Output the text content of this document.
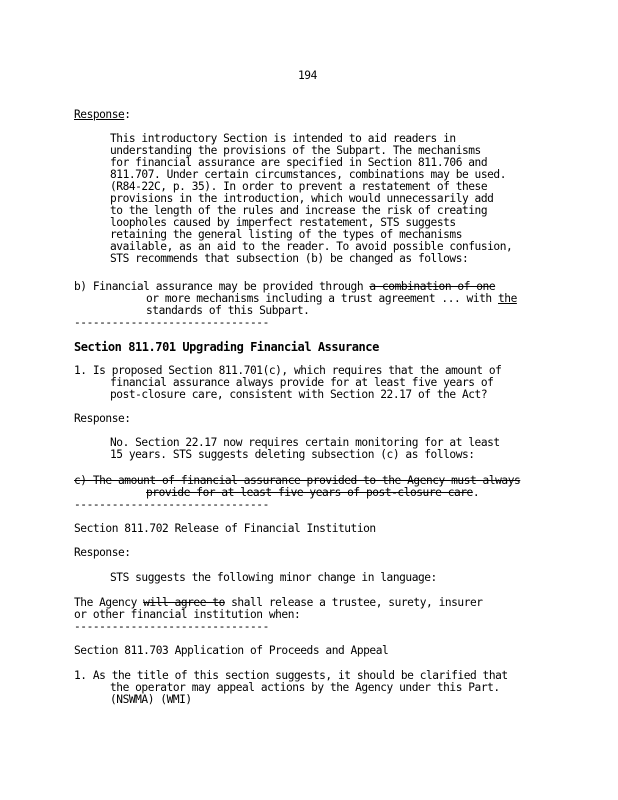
194
Response:
This introductory Section is intended to aid readers in
understanding the provisions of the Subpart. The mechanisms
for financial assurance are specified in Section 811.706 and
811.707. Under certain circumstances, combinations may be used.
(R84-22C, p. 35). In order to prevent a restatement of these
provisions in the introduction, which would unnecessarily add
to the length of the rules and increase the risk of creating
loopholes caused by imperfect restatement, STS suggests
retaining the general listing of the types of mechanisms
available, as an aid to the reader. To avoid possible confusion,
STS recommends that subsection (b) be changed as follows:
b) Financial assurance may be provided through a combination of one
or more mechanisms including a trust agreement ... with the
standards of this Subpart.
-------------------------------
Section 811.701 Upgrading Financial Assurance
1. Is proposed Section 811.701(c), which requires that the amount of
financial assurance always provide for at least five years of
post-closure care, consistent with Section 22.17 of the Act?
Response:
No. Section 22.17 now requires certain monitoring for at least
15 years. STS suggests deleting subsection (c) as follows:
c) The amount of financial assurance provided to the Agency must always
provide for at least five years of post-closure care.
-------------------------------
Section 811.702 Release of Financial Institution
Response:
STS suggests the following minor change in language:
The Agency will agree to shall release a trustee, surety, insurer
or other financial institution when:
-------------------------------
Section 811.703 Application of Proceeds and Appeal
1. As the title of this section suggests, it should be clarified that
the operator may appeal actions by the Agency under this Part.
(NSWMA) (WMI)
